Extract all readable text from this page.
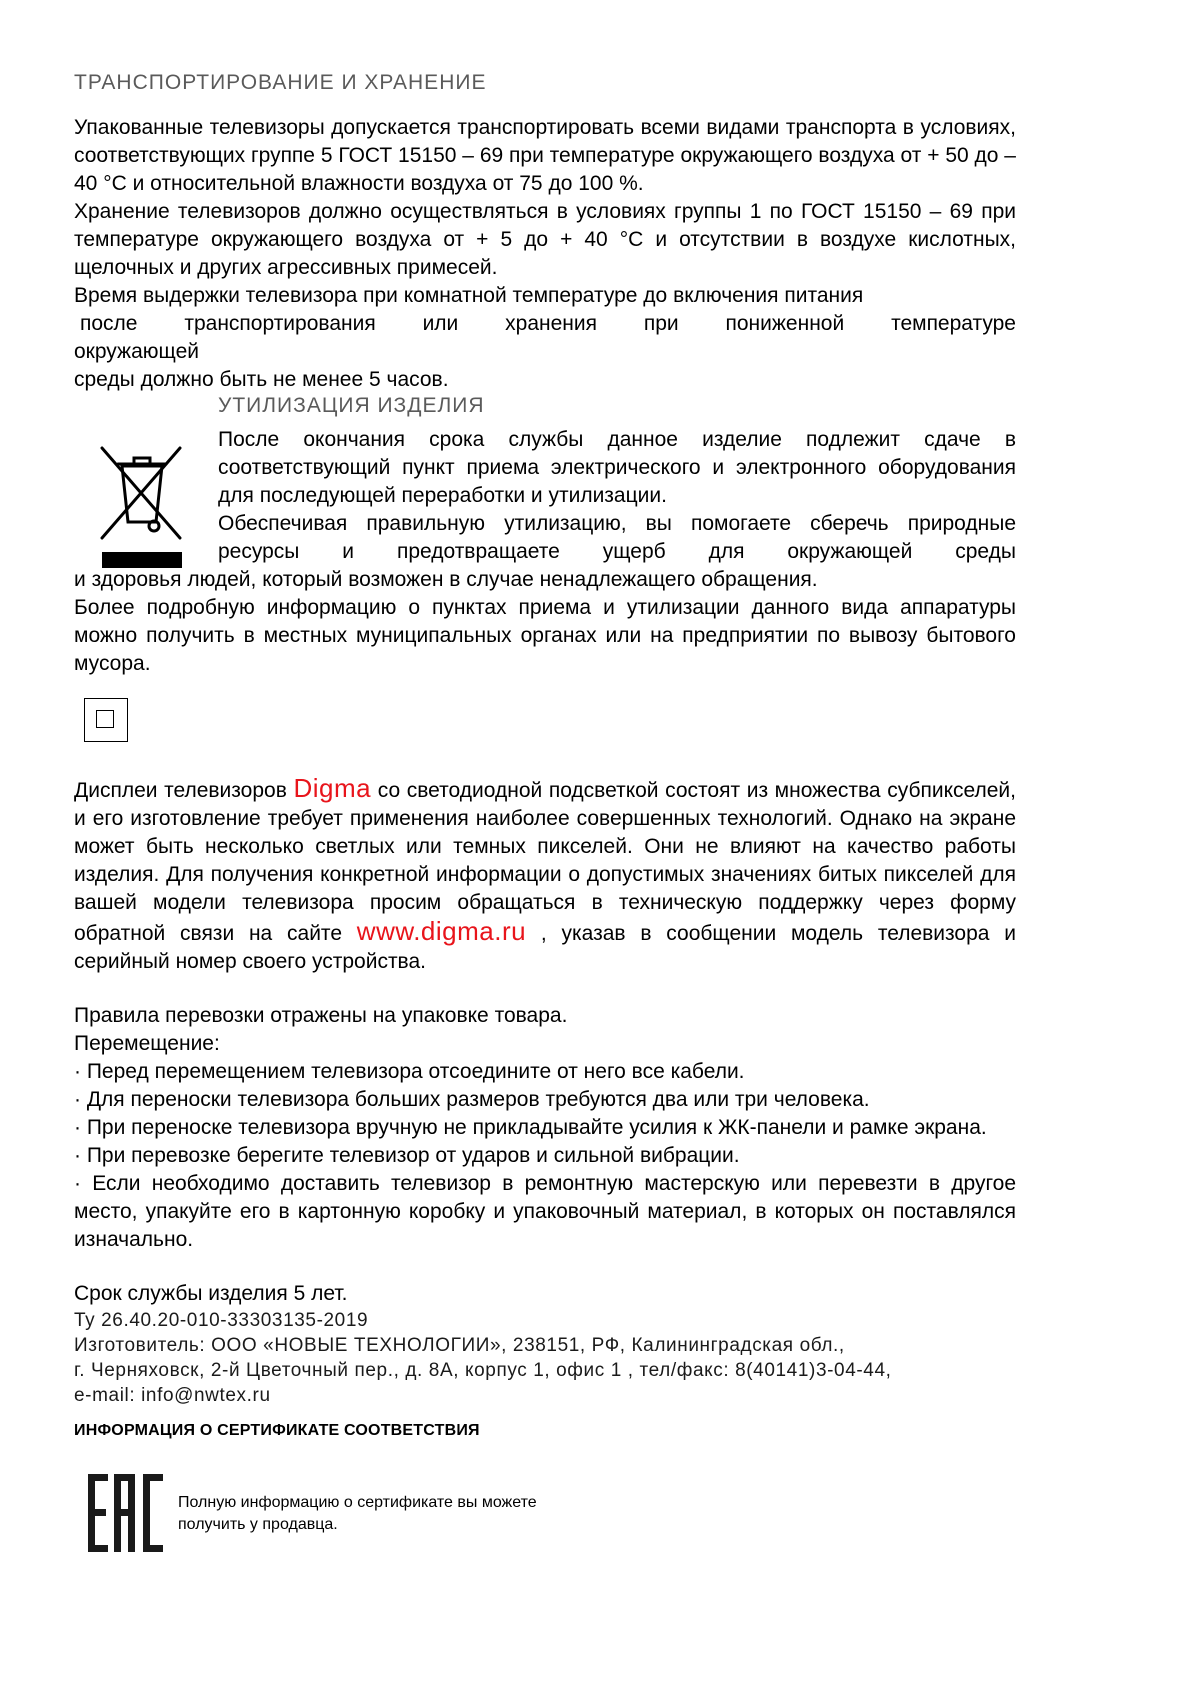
ТРАНСПОРТИРОВАНИЕ И ХРАНЕНИЕ

Упакованные телевизоры допускается транспортировать всеми видами транспорта в условиях, соответствующих группе 5 ГОСТ 15150 – 69 при температуре окружающего воздуха от + 50 до – 40 °С и относительной влажности воздуха от 75 до 100 %.

Хранение телевизоров должно осуществляться в условиях группы 1 по ГОСТ 15150 – 69 при температуре окружающего воздуха от + 5 до + 40 °С и отсутствии в воздухе кислотных, щелочных и других агрессивных примесей.

Время выдержки телевизора при комнатной температуре до включения питания

после транспортирования или хранения при пониженной температуре

окружающей

среды должно быть не менее 5 часов.

УТИЛИЗАЦИЯ ИЗДЕЛИЯ

После окончания срока службы данное изделие подлежит сдаче в соответствующий пункт приема электрического и электронного оборудования для последующей переработки и утилизации.

Обеспечивая правильную утилизацию, вы помогаете сберечь природные ресурсы и предотвращаете ущерб для окружающей среды

и здоровья людей, который возможен в случае ненадлежащего обращения.

Более подробную информацию о пунктах приема и утилизации данного вида аппаратуры можно получить в местных муниципальных органах или на предприятии по вывозу бытового мусора.

Дисплеи телевизоров Digma со светодиодной подсветкой состоят из множества субпикселей, и его изготовление требует применения наиболее совершенных технологий. Однако на экране может быть несколько светлых или темных пикселей. Они не влияют на качество работы изделия. Для получения конкретной информации о допустимых значениях битых пикселей для вашей модели телевизора просим обращаться в техническую поддержку через форму обратной связи на сайте www.digma.ru , указав в сообщении модель телевизора и серийный номер своего устройства.

Правила перевозки отражены на упаковке товара.

Перемещение:

· Перед перемещением телевизора отсоедините от него все кабели.

· Для переноски телевизора больших размеров требуются два или три человека.

· При переноске телевизора вручную не прикладывайте усилия к ЖК-панели и рамке экрана.

· При перевозке берегите телевизор от ударов и сильной вибрации.

· Если необходимо доставить телевизор в ремонтную мастерскую или перевезти в другое место, упакуйте его в картонную коробку и упаковочный материал, в которых он поставлялся изначально.

Срок службы изделия 5 лет.

Ту 26.40.20-010-33303135-2019

Изготовитель: ООО «НОВЫЕ ТЕХНОЛОГИИ», 238151, РФ, Калининградская обл.,

г. Черняховск, 2-й Цветочный пер., д. 8А, корпус 1, офис 1 , тел/факс: 8(40141)3-04-44,

e-mail: info@nwtex.ru

ИНФОРМАЦИЯ О СЕРТИФИКАТЕ СООТВЕТСТВИЯ
Полную информацию о сертификате вы можете
получить у продавца.
